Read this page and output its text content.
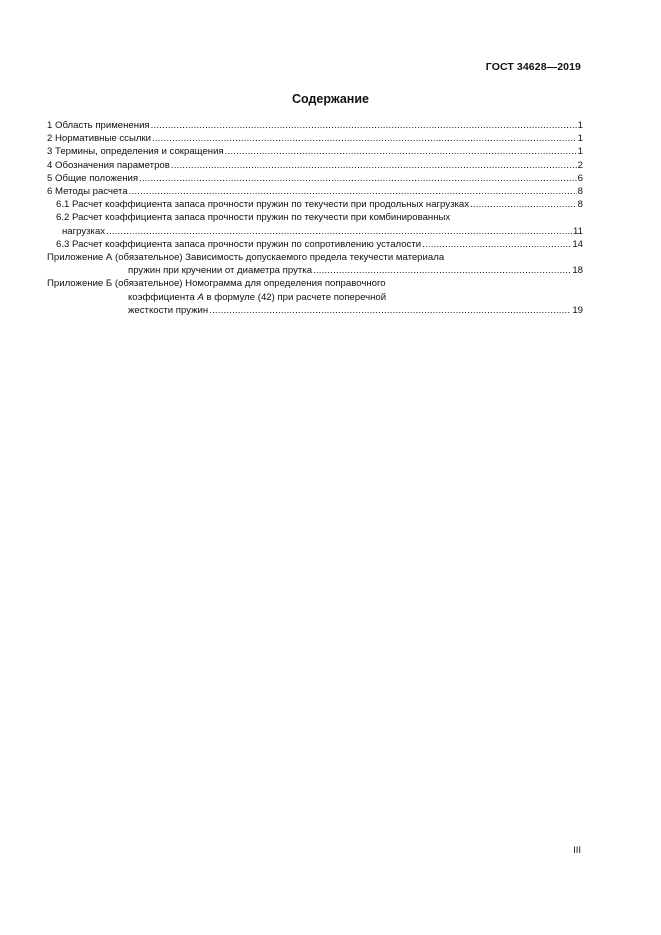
ГОСТ 34628—2019
Содержание
1 Область применения .....	1
2 Нормативные ссылки .....	1
3 Термины, определения и сокращения .....	1
4 Обозначения параметров .....	2
5 Общие положения .....	6
6 Методы расчета .....	8
6.1 Расчет коэффициента запаса прочности пружин по текучести при продольных нагрузках .....	8
6.2 Расчет коэффициента запаса прочности пружин по текучести при комбинированных
нагрузках .....	11
6.3 Расчет коэффициента запаса прочности пружин по сопротивлению усталости .....	14
Приложение А (обязательное) Зависимость допускаемого предела текучести материала
пружин при кручении от диаметра прутка .....	18
Приложение Б (обязательное) Номограмма для определения поправочного
коэффициента A в формуле (42) при расчете поперечной
жесткости пружин .....	19
III
